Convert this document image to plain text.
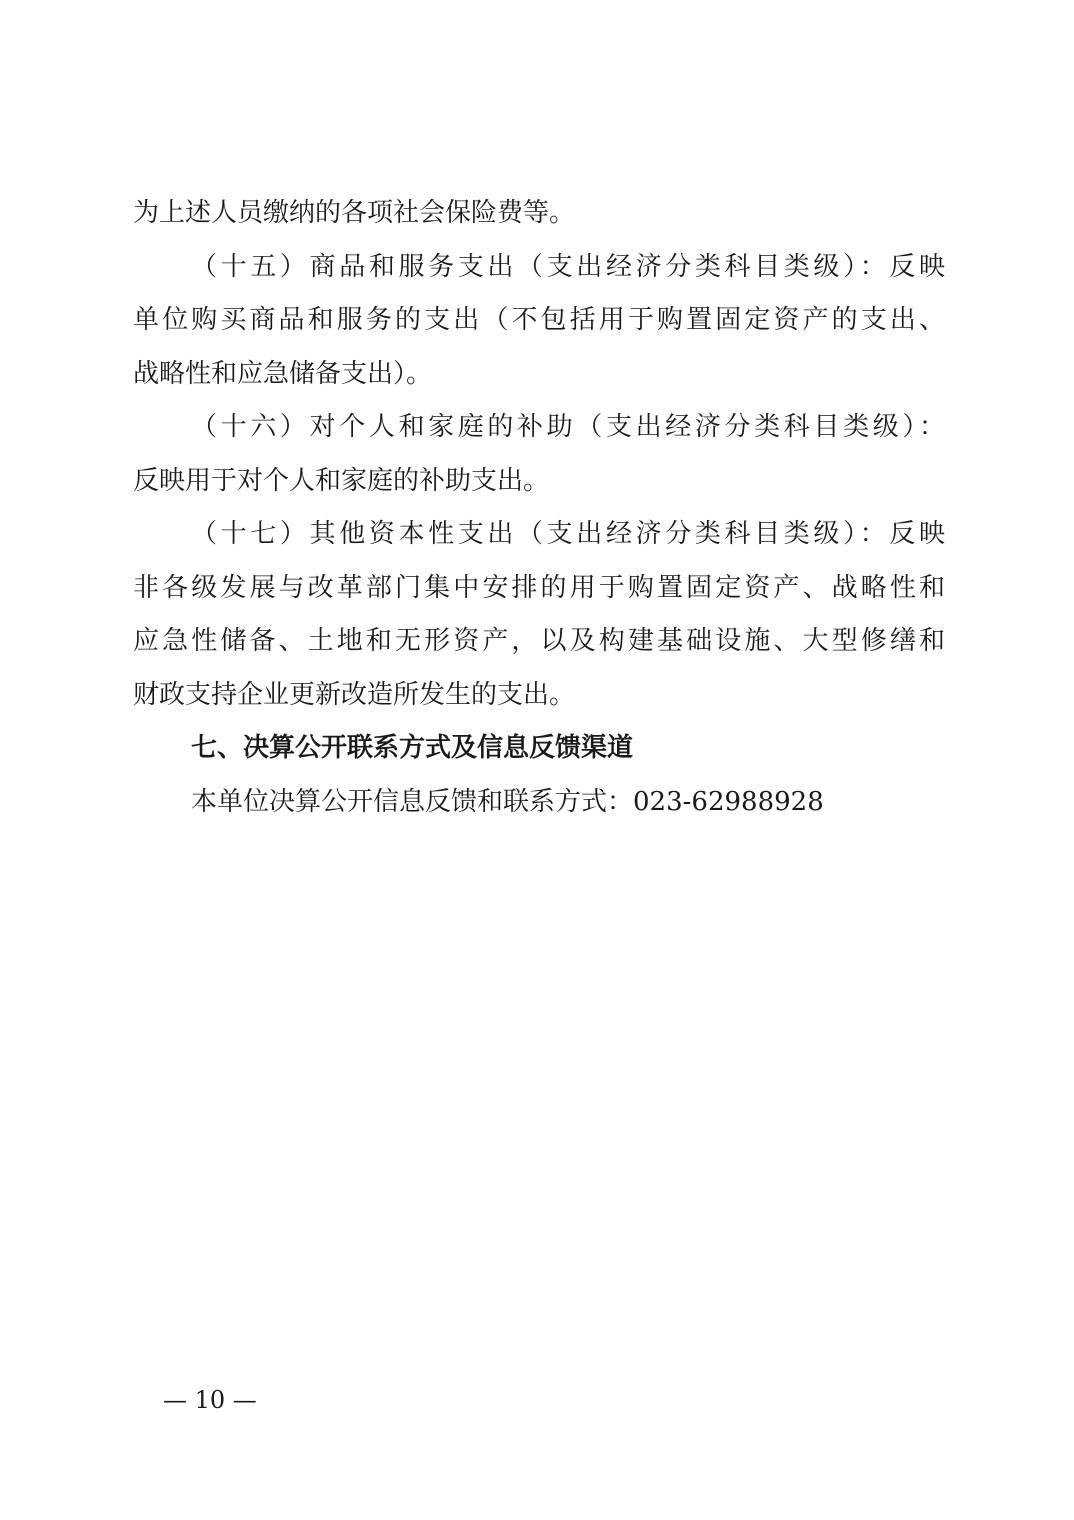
为上述人员缴纳的各项社会保险费等。
（十五）商品和服务支出（支出经济分类科目类级）：反映
单位购买商品和服务的支出（不包括用于购置固定资产的支出、
战略性和应急储备支出）。
（十六）对个人和家庭的补助（支出经济分类科目类级）：
反映用于对个人和家庭的补助支出。
（十七）其他资本性支出（支出经济分类科目类级）：反映
非各级发展与改革部门集中安排的用于购置固定资产、战略性和
应急性储备、土地和无形资产，以及构建基础设施、大型修缮和
财政支持企业更新改造所发生的支出。
七、决算公开联系方式及信息反馈渠道
本单位决算公开信息反馈和联系方式：023-62988928
— 10 —
